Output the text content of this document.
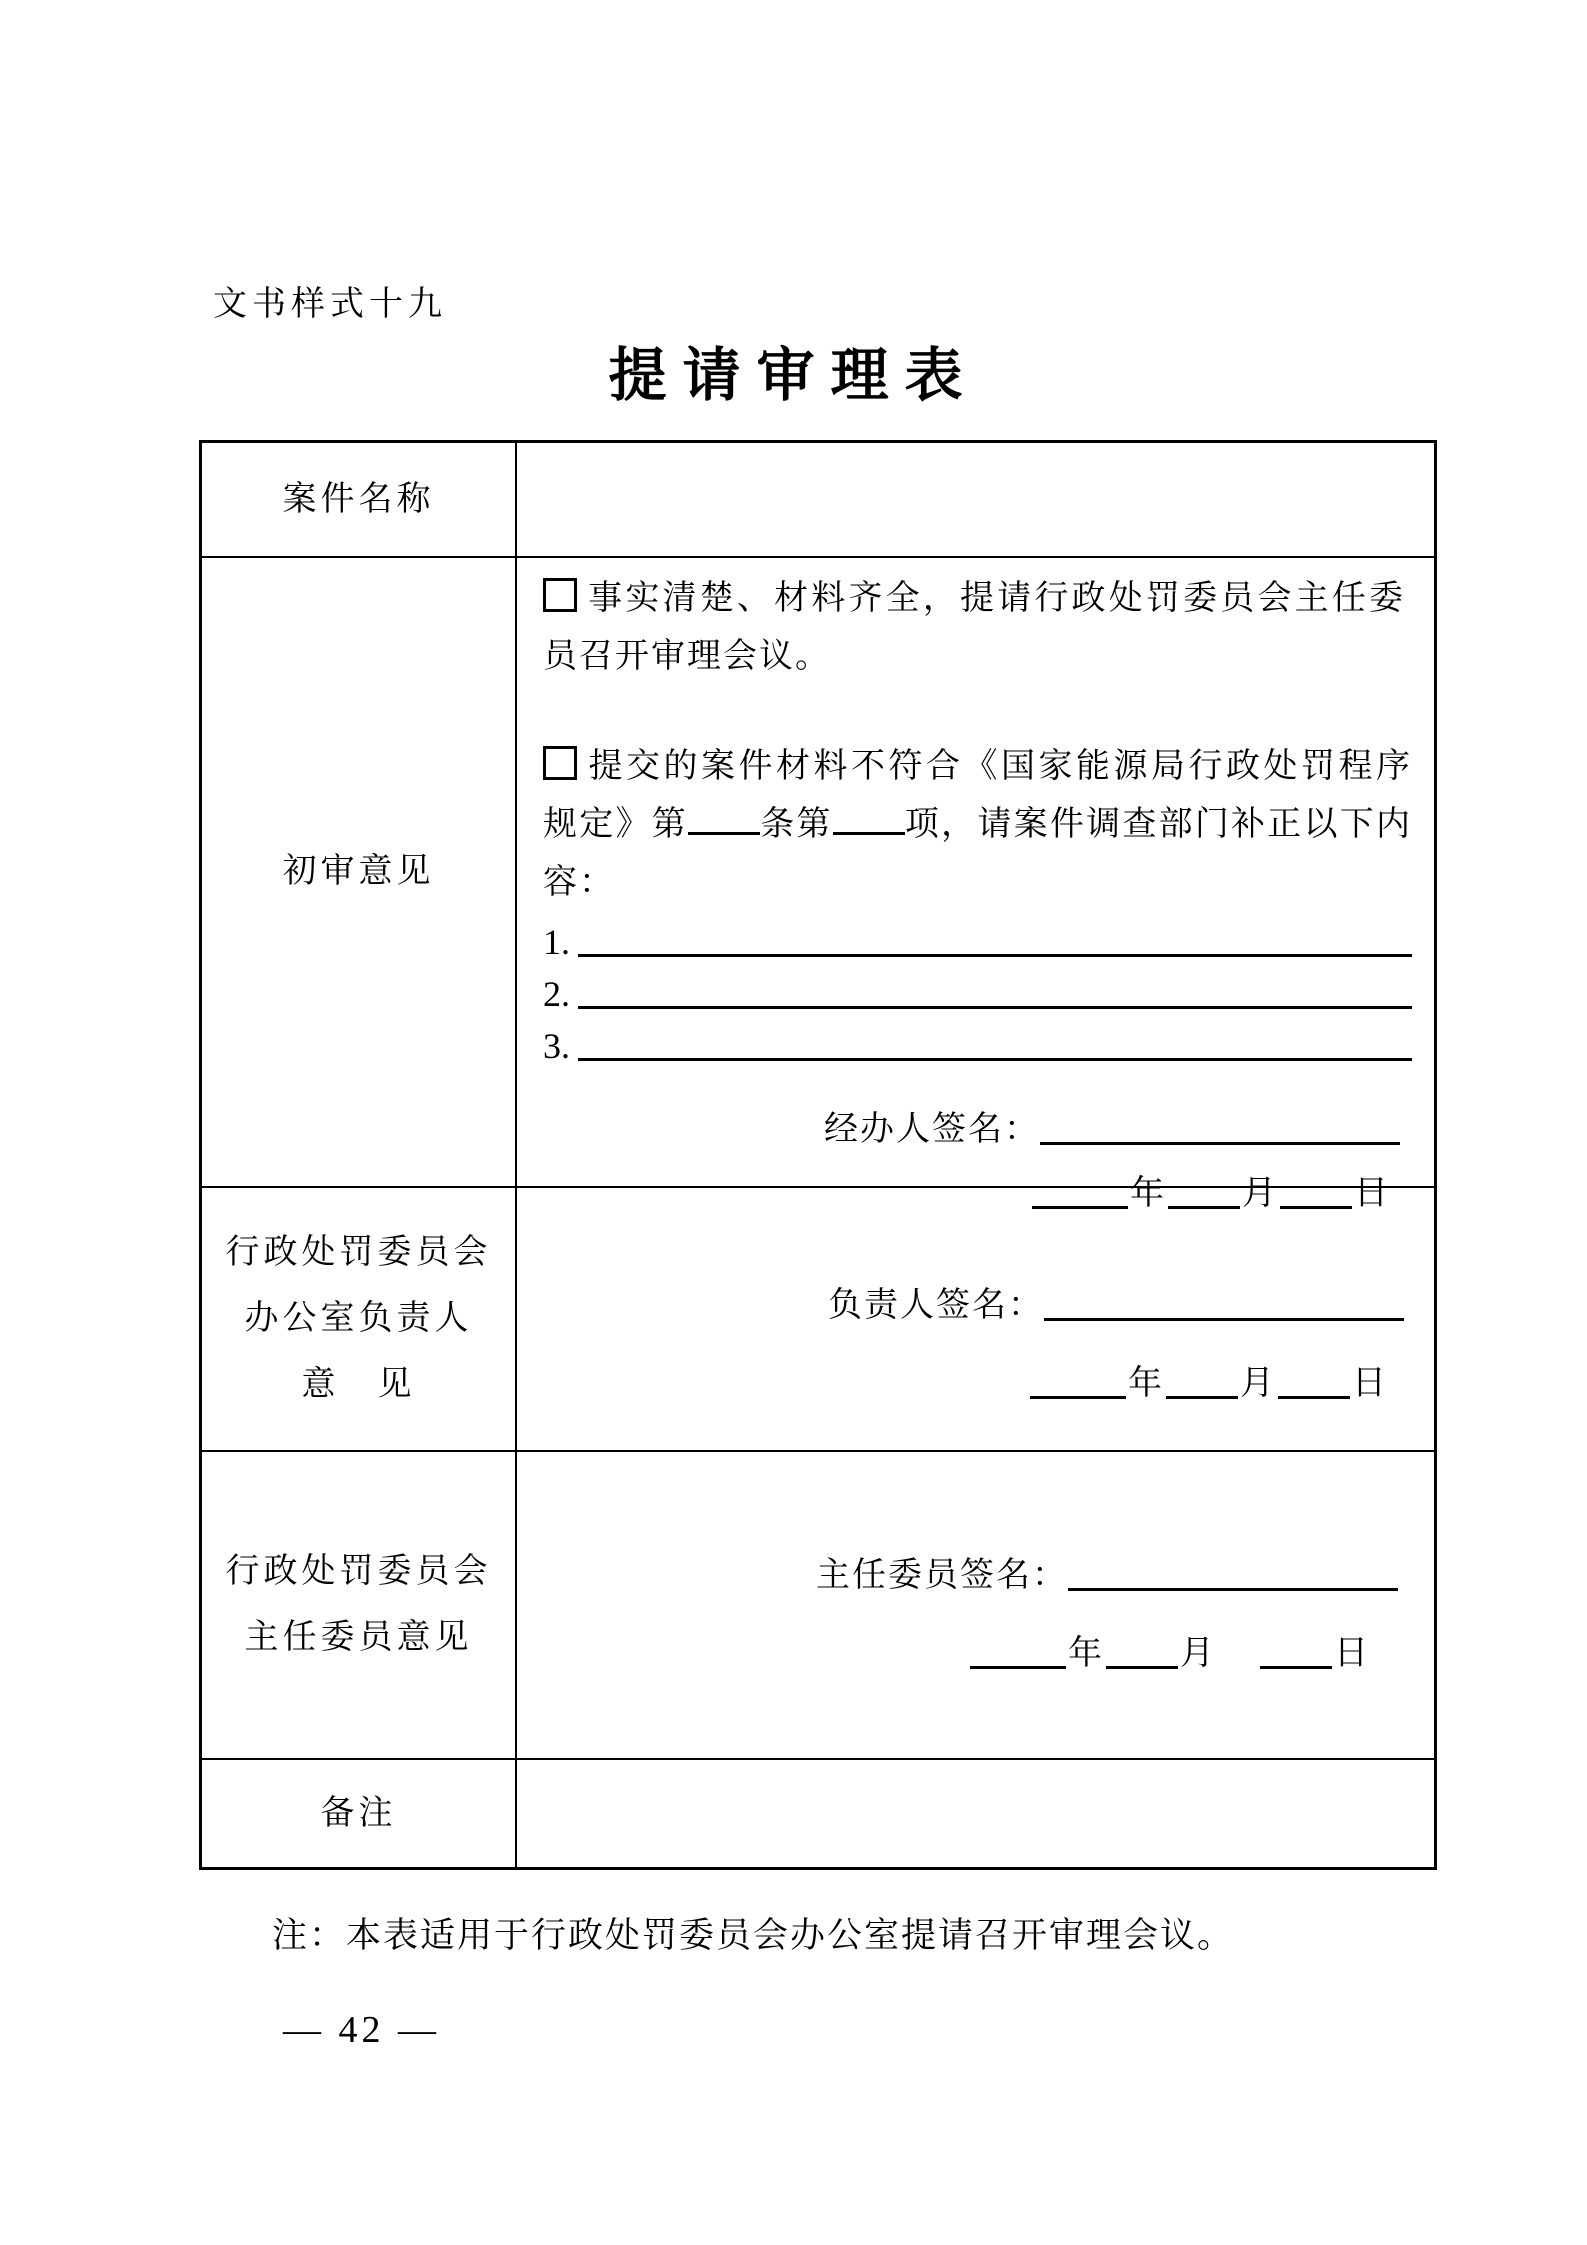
文书样式十九
提请审理表
案件名称
初审意见
事实清楚、材料齐全，提请行政处罚委员会主任委员召开审理会议。
提交的案件材料不符合《国家能源局行政处罚程序规定》第 条第 项，请案件调查部门补正以下内容：
1.
2.
3.
经办人签名：
年 月 日
行政处罚委员会
办公室负责人
意　见
负责人签名：
年 月 日
行政处罚委员会
主任委员意见
主任委员签名：
年 月	日
备注
注：本表适用于行政处罚委员会办公室提请召开审理会议。
— 42 —
